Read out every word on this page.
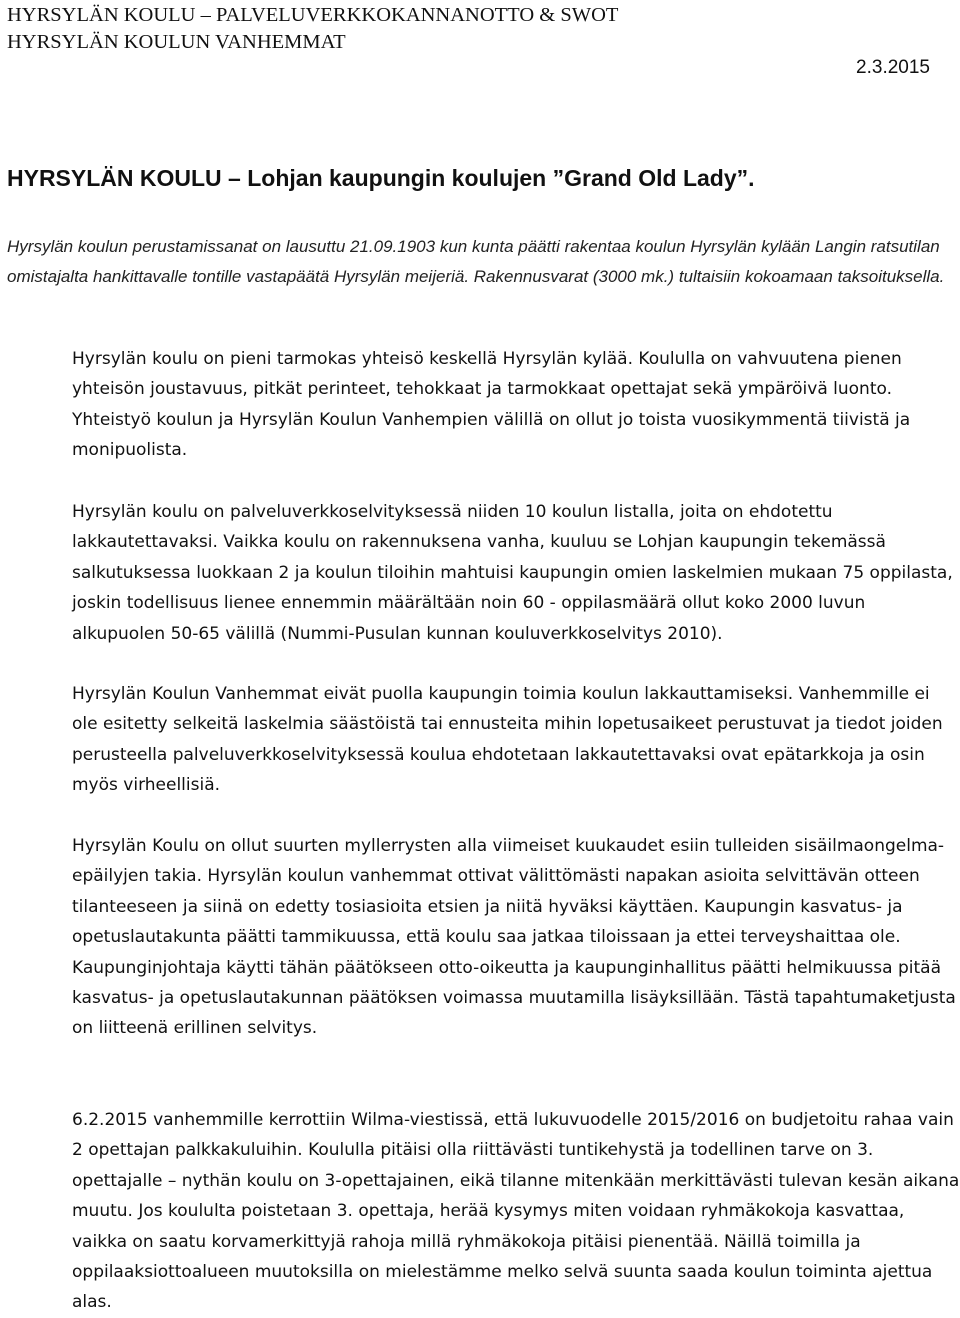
HYRSYLÄN KOULU – PALVELUVERKKOKANNANOTTO & SWOT
HYRSYLÄN KOULUN VANHEMMAT
2.3.2015
HYRSYLÄN KOULU – Lohjan kaupungin koulujen ”Grand Old Lady”.
Hyrsylän koulun perustamissanat on lausuttu 21.09.1903 kun kunta päätti rakentaa koulun Hyrsylän kylään Langin ratsutilan omistajalta hankittavalle tontille vastapäätä Hyrsylän meijeriä. Rakennusvarat (3000 mk.) tultaisiin kokoamaan taksoituksella.

Hyrsylän koulu on pieni tarmokas yhteisö keskellä Hyrsylän kylää. Koululla on vahvuutena pienen yhteisön joustavuus, pitkät perinteet, tehokkaat ja tarmokkaat opettajat sekä ympäröivä luonto. Yhteistyö koulun ja Hyrsylän Koulun Vanhempien välillä on ollut jo toista vuosikymmentä tiivistä ja monipuolista.

Hyrsylän koulu on palveluverkkoselvityksessä niiden 10 koulun listalla, joita on ehdotettu lakkautettavaksi. Vaikka koulu on rakennuksena vanha, kuuluu se Lohjan kaupungin tekemässä salkutuksessa luokkaan 2 ja koulun tiloihin mahtuisi kaupungin omien laskelmien mukaan 75 oppilasta, joskin todellisuus lienee ennemmin määrältään noin 60 - oppilasmäärä ollut koko 2000 luvun alkupuolen 50-65 välillä (Nummi-Pusulan kunnan kouluverkkoselvitys 2010).

Hyrsylän Koulun Vanhemmat eivät puolla kaupungin toimia koulun lakkauttamiseksi. Vanhemmille ei ole esitetty selkeitä laskelmia säästöistä tai ennusteita mihin lopetusaikeet perustuvat ja tiedot joiden perusteella palveluverkkoselvityksessä koulua ehdotetaan lakkautettavaksi ovat epätarkkoja ja osin myös virheellisiä.

Hyrsylän Koulu on ollut suurten myllerrysten alla viimeiset kuukaudet esiin tulleiden sisäilmaongelma-epäilyjen takia. Hyrsylän koulun vanhemmat ottivat välittömästi napakan asioita selvittävän otteen tilanteeseen ja siinä on edetty tosiasioita etsien ja niitä hyväksi käyttäen. Kaupungin kasvatus- ja opetuslautakunta päätti tammikuussa, että koulu saa jatkaa tiloissaan ja ettei terveyshaittaa ole. Kaupunginjohtaja käytti tähän päätökseen otto-oikeutta ja kaupunginhallitus päätti helmikuussa pitää kasvatus- ja opetuslautakunnan päätöksen voimassa muutamilla lisäyksillään. Tästä tapahtumaketjusta on liitteenä erillinen selvitys.

6.2.2015 vanhemmille kerrottiin Wilma-viestissä, että lukuvuodelle 2015/2016 on budjetoitu rahaa vain 2 opettajan palkkakuluihin. Koululla pitäisi olla riittävästi tuntikehystä ja todellinen tarve on 3. opettajalle – nythän koulu on 3-opettajainen, eikä tilanne mitenkään merkittävästi tulevan kesän aikana muutu. Jos koululta poistetaan 3. opettaja, herää kysymys miten voidaan ryhmäkokoja kasvattaa, vaikka on saatu korvamerkittyjä rahoja millä ryhmäkokoja pitäisi pienentää. Näillä toimilla ja oppilaaksiottoalueen muutoksilla on mielestämme melko selvä suunta saada koulun toiminta ajettua alas.
